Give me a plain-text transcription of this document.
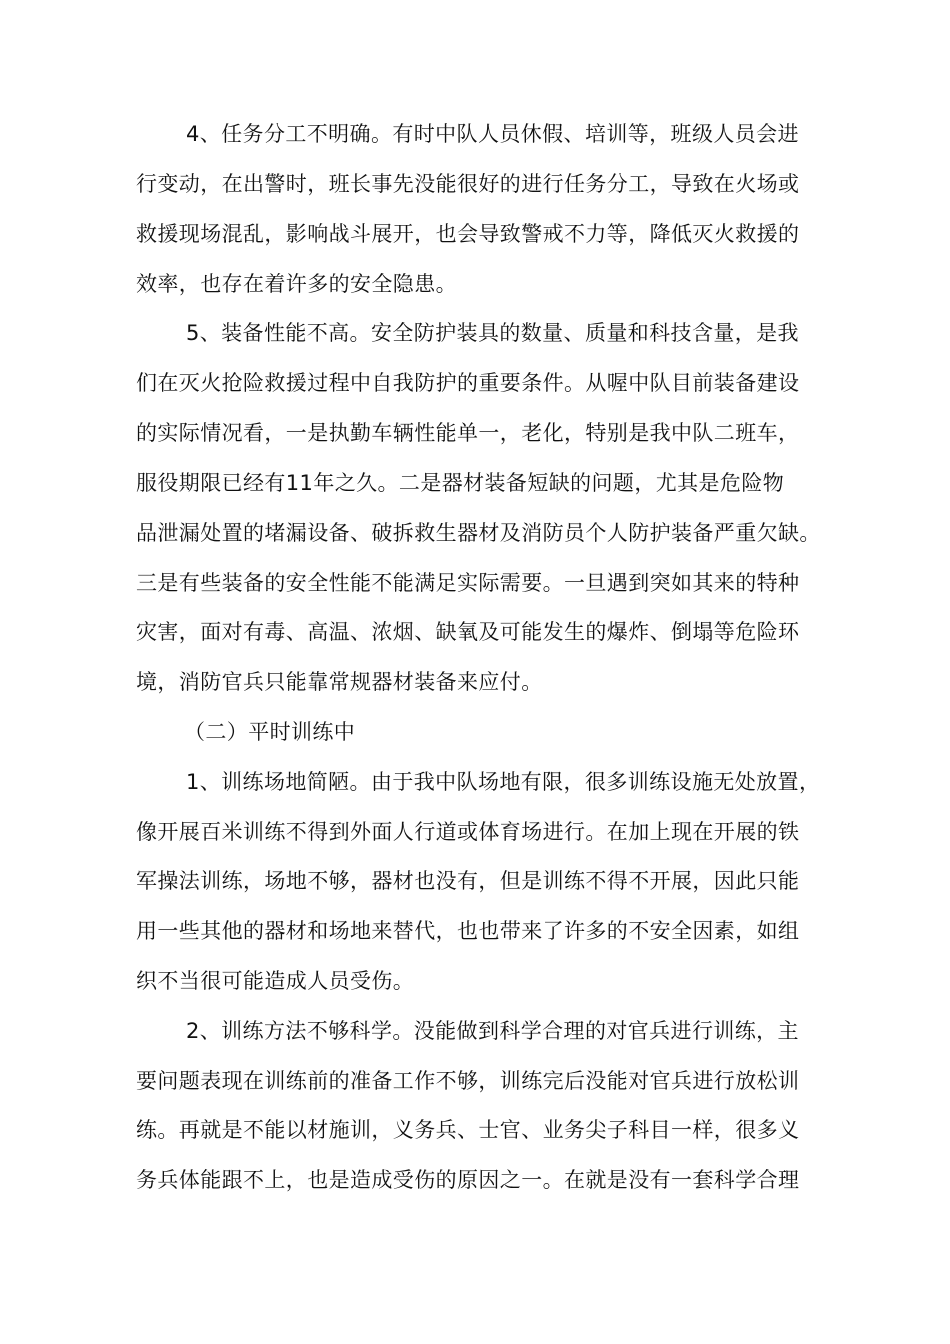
4、任务分工不明确。有时中队人员休假、培训等，班级人员会进
行变动，在出警时，班长事先没能很好的进行任务分工，导致在火场或
救援现场混乱，影响战斗展开，也会导致警戒不力等，降低灭火救援的
效率，也存在着许多的安全隐患。
5、装备性能不高。安全防护装具的数量、质量和科技含量，是我
们在灭火抢险救援过程中自我防护的重要条件。从喔中队目前装备建设
的实际情况看，一是执勤车辆性能单一，老化，特别是我中队二班车，
服役期限已经有11年之久。二是器材装备短缺的问题，尤其是危险物
品泄漏处置的堵漏设备、破拆救生器材及消防员个人防护装备严重欠缺。
三是有些装备的安全性能不能满足实际需要。一旦遇到突如其来的特种
灾害，面对有毒、高温、浓烟、缺氧及可能发生的爆炸、倒塌等危险环
境，消防官兵只能靠常规器材装备来应付。
（二）平时训练中
1、训练场地简陋。由于我中队场地有限，很多训练设施无处放置，
像开展百米训练不得到外面人行道或体育场进行。在加上现在开展的铁
军操法训练，场地不够，器材也没有，但是训练不得不开展，因此只能
用一些其他的器材和场地来替代，也也带来了许多的不安全因素，如组
织不当很可能造成人员受伤。
2、训练方法不够科学。没能做到科学合理的对官兵进行训练，主
要问题表现在训练前的准备工作不够，训练完后没能对官兵进行放松训
练。再就是不能以材施训，义务兵、士官、业务尖子科目一样，很多义
务兵体能跟不上，也是造成受伤的原因之一。在就是没有一套科学合理
